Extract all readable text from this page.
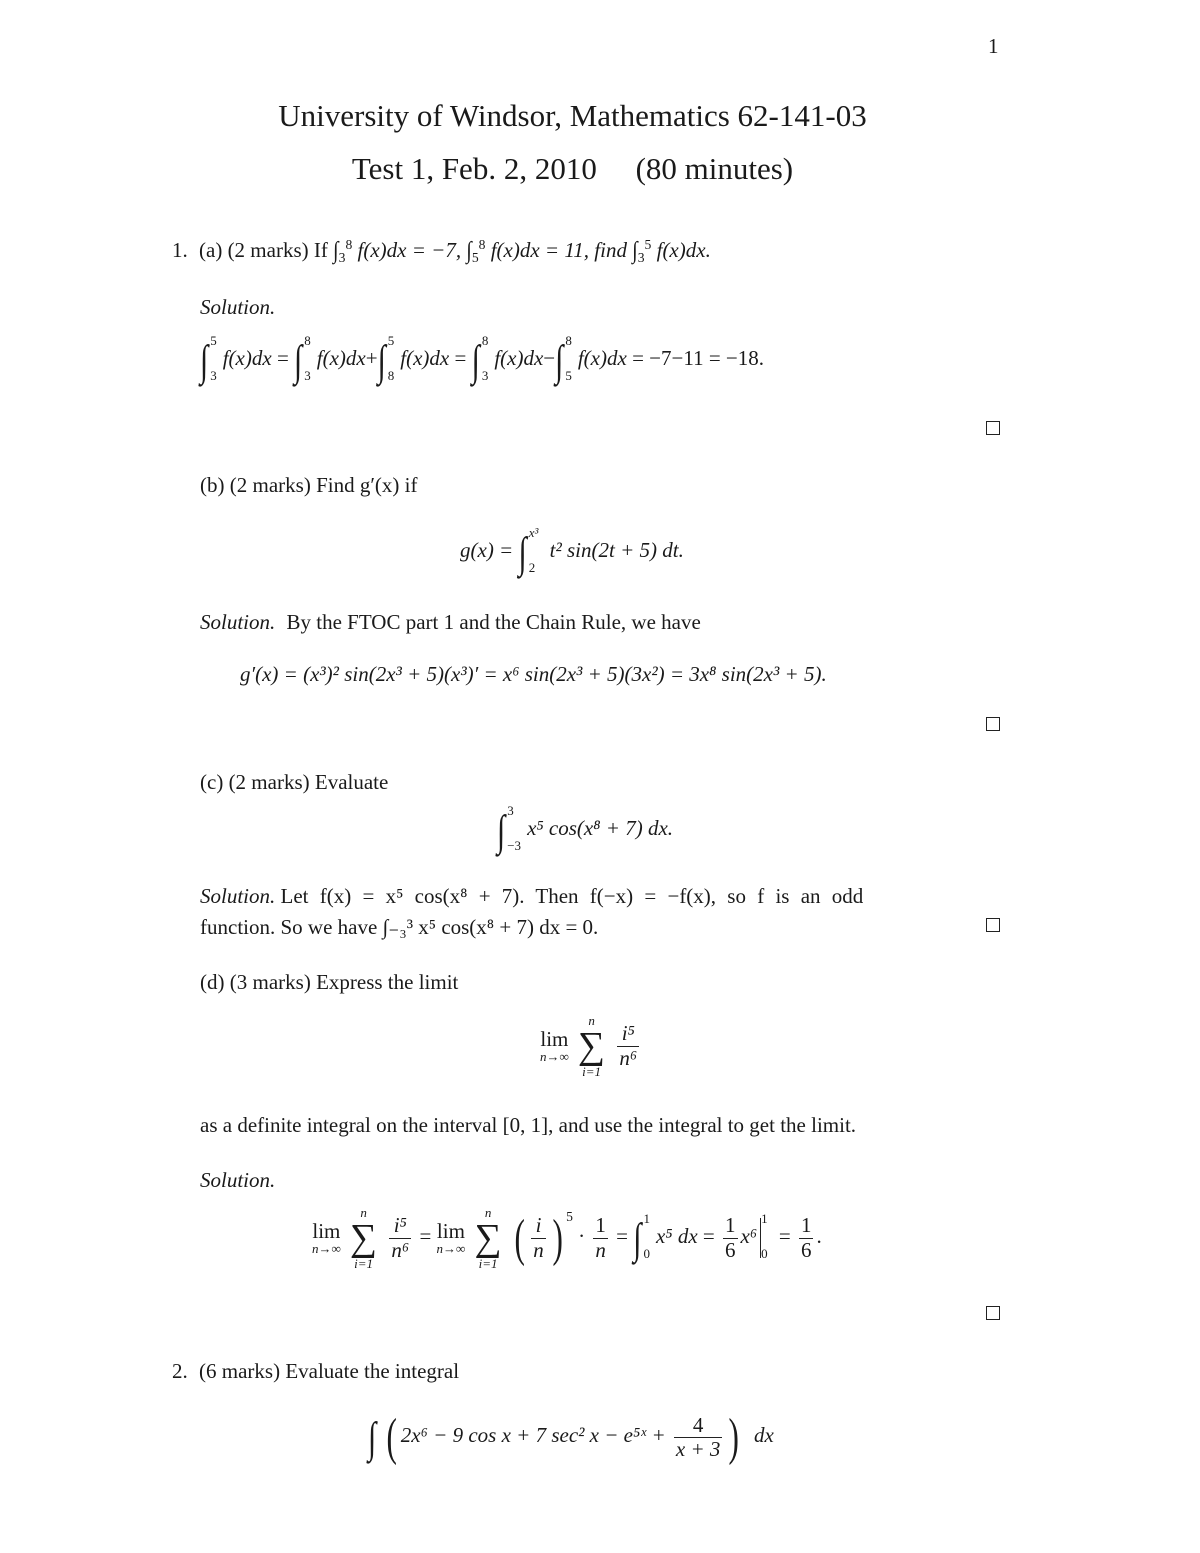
1
University of Windsor, Mathematics 62-141-03
Test 1, Feb. 2, 2010     (80 minutes)
1. (a) (2 marks) If $\int_3^8$ f(x)dx = −7, $\int_5^8$ f(x)dx = 11, find $\int_3^5$ f(x)dx.
Solution.
∫ 5
3
f(x)dx = ∫ 8
3
f(x)dx+∫ 5
8
f(x)dx = ∫ 8
3
f(x)dx−∫ 8
5
f(x)dx = −7−11 = −18.
(b) (2 marks) Find g′(x) if
g(x) = ∫ x³
2
t² sin(2t + 5) dt.
Solution. By the FTOC part 1 and the Chain Rule, we have
g′(x) = (x³)² sin(2x³ + 5)(x³)′ = x⁶ sin(2x³ + 5)(3x²) = 3x⁸ sin(2x³ + 5).
(c) (2 marks) Evaluate
∫ 3
−3
x⁵ cos(x⁸ + 7) dx.
Solution. Let f(x) = x⁵ cos(x⁸ + 7). Then f(−x) = −f(x), so f is an odd
function. So we have ∫₋₃³ x⁵ cos(x⁸ + 7) dx = 0.
(d) (3 marks) Express the limit
lim
n→∞

n
∑
i=1

$\frac{\text{i⁵}}{\text{n⁶}}$
as a definite integral on the interval [0, 1], and use the integral to get the limit.
Solution.
lim
n→∞

n
∑
i=1

$\frac{\text{i⁵}}{\text{n⁶}} = \lim$
n→∞

n
∑
i=1 ( $\frac{i}{n}$ ) $^5 \cdot \frac{1}{n}$ = ∫ 1
0
x⁵ dx = $\frac{1}{6} x^6$
1
0
= $\frac{1}{6}$ .
2. (6 marks) Evaluate the integral
∫ ( 2x⁶ − 9 cos x + 7 sec² x − e⁵ˣ + $\frac{4}{x + 3}$ ) dx
